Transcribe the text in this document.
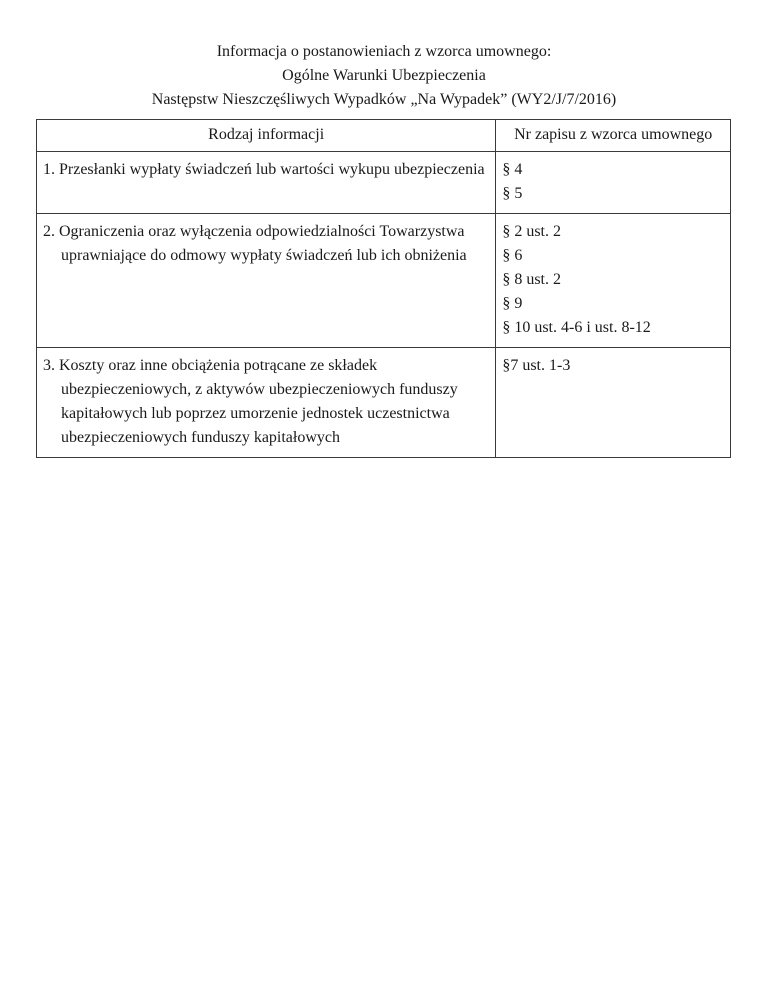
Informacja o postanowieniach z wzorca umownego:
Ogólne Warunki Ubezpieczenia
Następstw Nieszczęśliwych Wypadków „Na Wypadek” (WY2/J/7/2016)
Rodzaj informacji	Nr zapisu z wzorca umownego

1. Przesłanki wypłaty świadczeń lub wartości wykupu ubezpieczenia	§ 4
§ 5

2. Ograniczenia oraz wyłączenia odpowiedzialności Towarzystwa uprawniające do odmowy wypłaty świadczeń lub ich obniżenia	§ 2 ust. 2
§ 6
§ 8 ust. 2
§ 9
§ 10 ust. 4-6 i ust. 8-12

3. Koszty oraz inne obciążenia potrącane ze składek ubezpieczeniowych, z aktywów ubezpieczeniowych funduszy kapitałowych lub poprzez umorzenie jednostek uczestnictwa ubezpieczeniowych funduszy kapitałowych	§7 ust. 1-3
